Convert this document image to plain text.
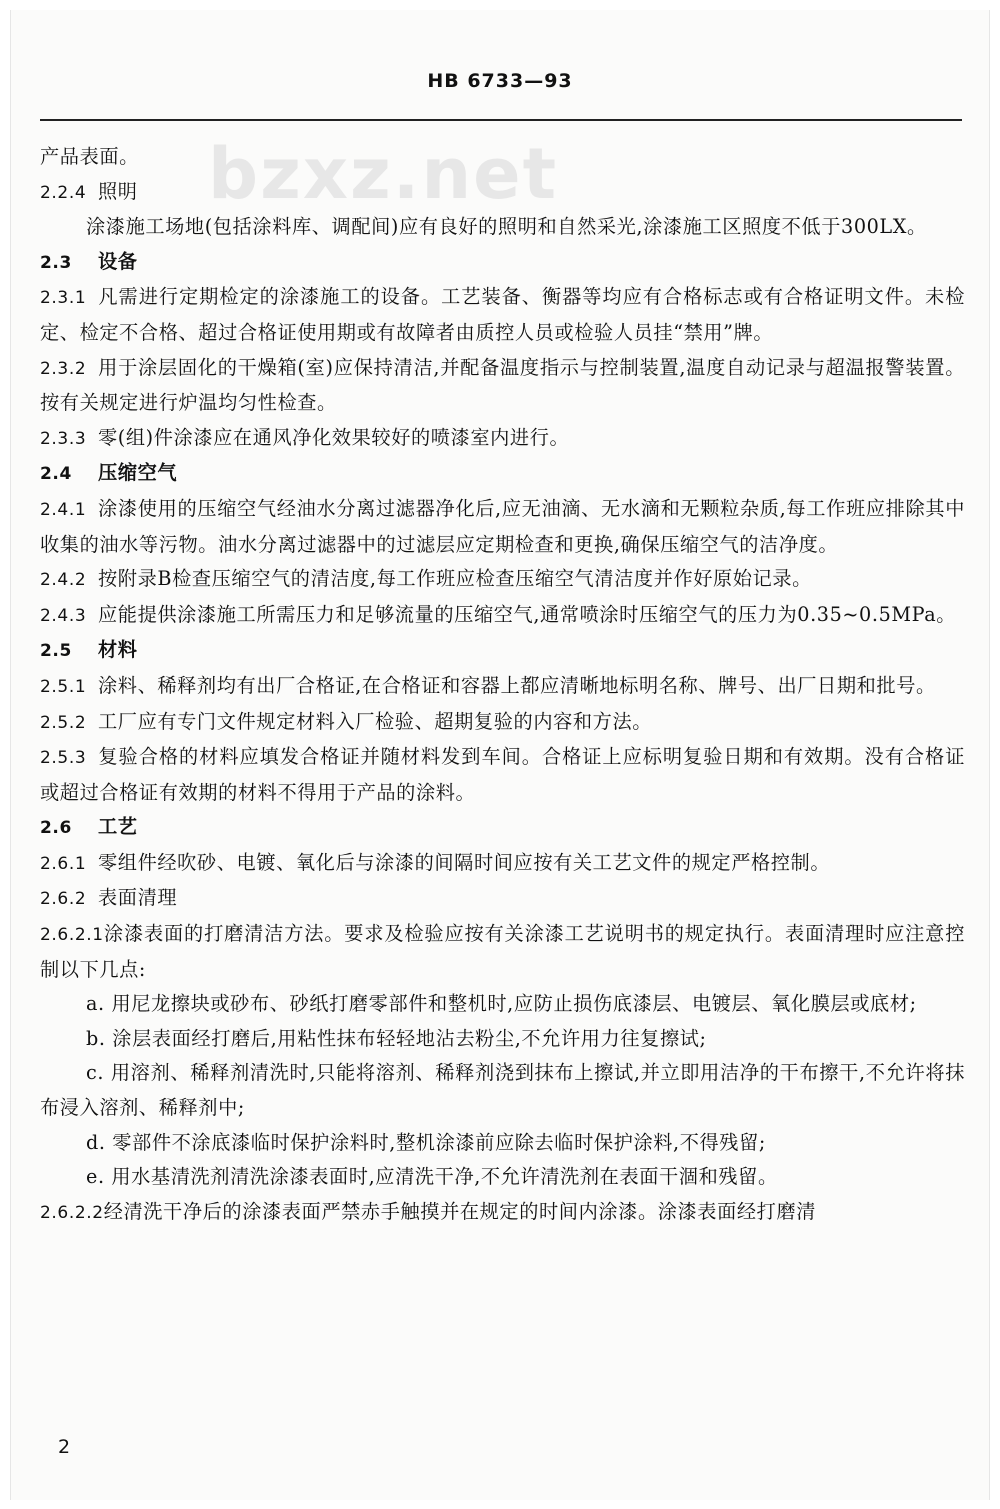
HB 6733—93
bzxz.net

产品表面。

2.2.4 照明

涂漆施工场地(包括涂料库、调配间)应有良好的照明和自然采光,涂漆施工区照度不低于300LX。

2.3 设备

2.3.1 凡需进行定期检定的涂漆施工的设备。工艺装备、衡器等均应有合格标志或有合格证明文件。未检定、检定不合格、超过合格证使用期或有故障者由质控人员或检验人员挂“禁用”牌。

2.3.2 用于涂层固化的干燥箱(室)应保持清洁,并配备温度指示与控制装置,温度自动记录与超温报警装置。按有关规定进行炉温均匀性检查。

2.3.3 零(组)件涂漆应在通风净化效果较好的喷漆室内进行。

2.4 压缩空气

2.4.1 涂漆使用的压缩空气经油水分离过滤器净化后,应无油滴、无水滴和无颗粒杂质,每工作班应排除其中收集的油水等污物。油水分离过滤器中的过滤层应定期检查和更换,确保压缩空气的洁净度。

2.4.2 按附录B检查压缩空气的清洁度,每工作班应检查压缩空气清洁度并作好原始记录。

2.4.3 应能提供涂漆施工所需压力和足够流量的压缩空气,通常喷涂时压缩空气的压力为0.35~0.5MPa。

2.5 材料

2.5.1 涂料、稀释剂均有出厂合格证,在合格证和容器上都应清晰地标明名称、牌号、出厂日期和批号。

2.5.2 工厂应有专门文件规定材料入厂检验、超期复验的内容和方法。

2.5.3 复验合格的材料应填发合格证并随材料发到车间。合格证上应标明复验日期和有效期。没有合格证或超过合格证有效期的材料不得用于产品的涂料。

2.6 工艺

2.6.1 零组件经吹砂、电镀、氧化后与涂漆的间隔时间应按有关工艺文件的规定严格控制。

2.6.2 表面清理

2.6.2.1涂漆表面的打磨清洁方法。要求及检验应按有关涂漆工艺说明书的规定执行。表面清理时应注意控制以下几点:

a. 用尼龙擦块或砂布、砂纸打磨零部件和整机时,应防止损伤底漆层、电镀层、氧化膜层或底材;

b. 涂层表面经打磨后,用粘性抹布轻轻地沾去粉尘,不允许用力往复擦试;

c. 用溶剂、稀释剂清洗时,只能将溶剂、稀释剂浇到抹布上擦试,并立即用洁净的干布擦干,不允许将抹布浸入溶剂、稀释剂中;

d. 零部件不涂底漆临时保护涂料时,整机涂漆前应除去临时保护涂料,不得残留;

e. 用水基清洗剂清洗涂漆表面时,应清洗干净,不允许清洗剂在表面干涸和残留。

2.6.2.2经清洗干净后的涂漆表面严禁赤手触摸并在规定的时间内涂漆。涂漆表面经打磨清

2
